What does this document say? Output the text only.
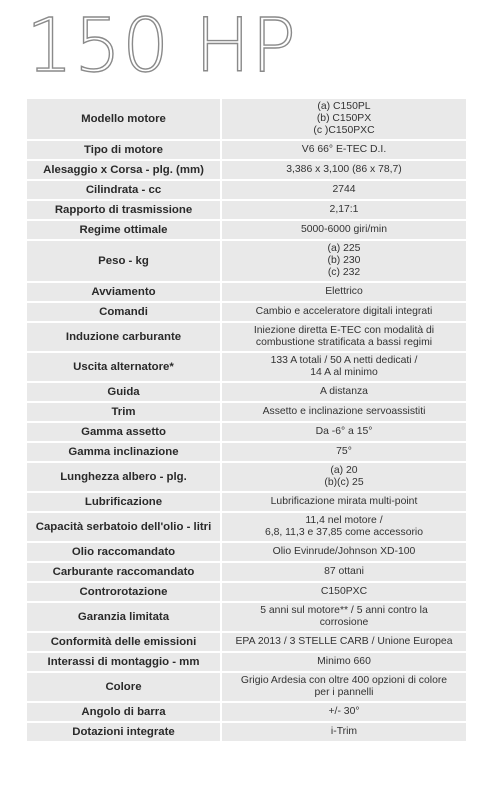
150 HP
Modello motore		(a) C150PL
(b) C150PX
(c )C150PXC

Tipo di motore		V6 66° E-TEC D.I.

Alesaggio x Corsa - plg. (mm)		3,386 x 3,100 (86 x 78,7)

Cilindrata - cc		2744

Rapporto di trasmissione		2,17:1

Regime ottimale		5000-6000 giri/min

Peso - kg		(a) 225
(b) 230
(c) 232

Avviamento		Elettrico

Comandi		Cambio e acceleratore digitali integrati

Induzione carburante		Iniezione diretta E-TEC con modalità di
combustione stratificata a bassi regimi

Uscita alternatore*		133 A totali / 50 A netti dedicati /
14 A al minimo

Guida		A distanza

Trim		Assetto e inclinazione servoassistiti

Gamma assetto		Da -6° a 15°

Gamma inclinazione		75°

Lunghezza albero - plg.		(a) 20
(b)(c) 25

Lubrificazione		Lubrificazione mirata multi-point

Capacità serbatoio dell'olio - litri		11,4 nel motore /
6,8, 11,3 e 37,85 come accessorio

Olio raccomandato		Olio Evinrude/Johnson XD-100

Carburante raccomandato		87 ottani

Controrotazione		C150PXC

Garanzia limitata		5 anni sul motore** / 5 anni contro la
corrosione

Conformità delle emissioni		EPA 2013 / 3 STELLE CARB / Unione Europea

Interassi di montaggio - mm		Minimo 660

Colore		Grigio Ardesia con oltre 400 opzioni di colore
per i pannelli

Angolo di barra		+/- 30°

Dotazioni integrate		i-Trim
